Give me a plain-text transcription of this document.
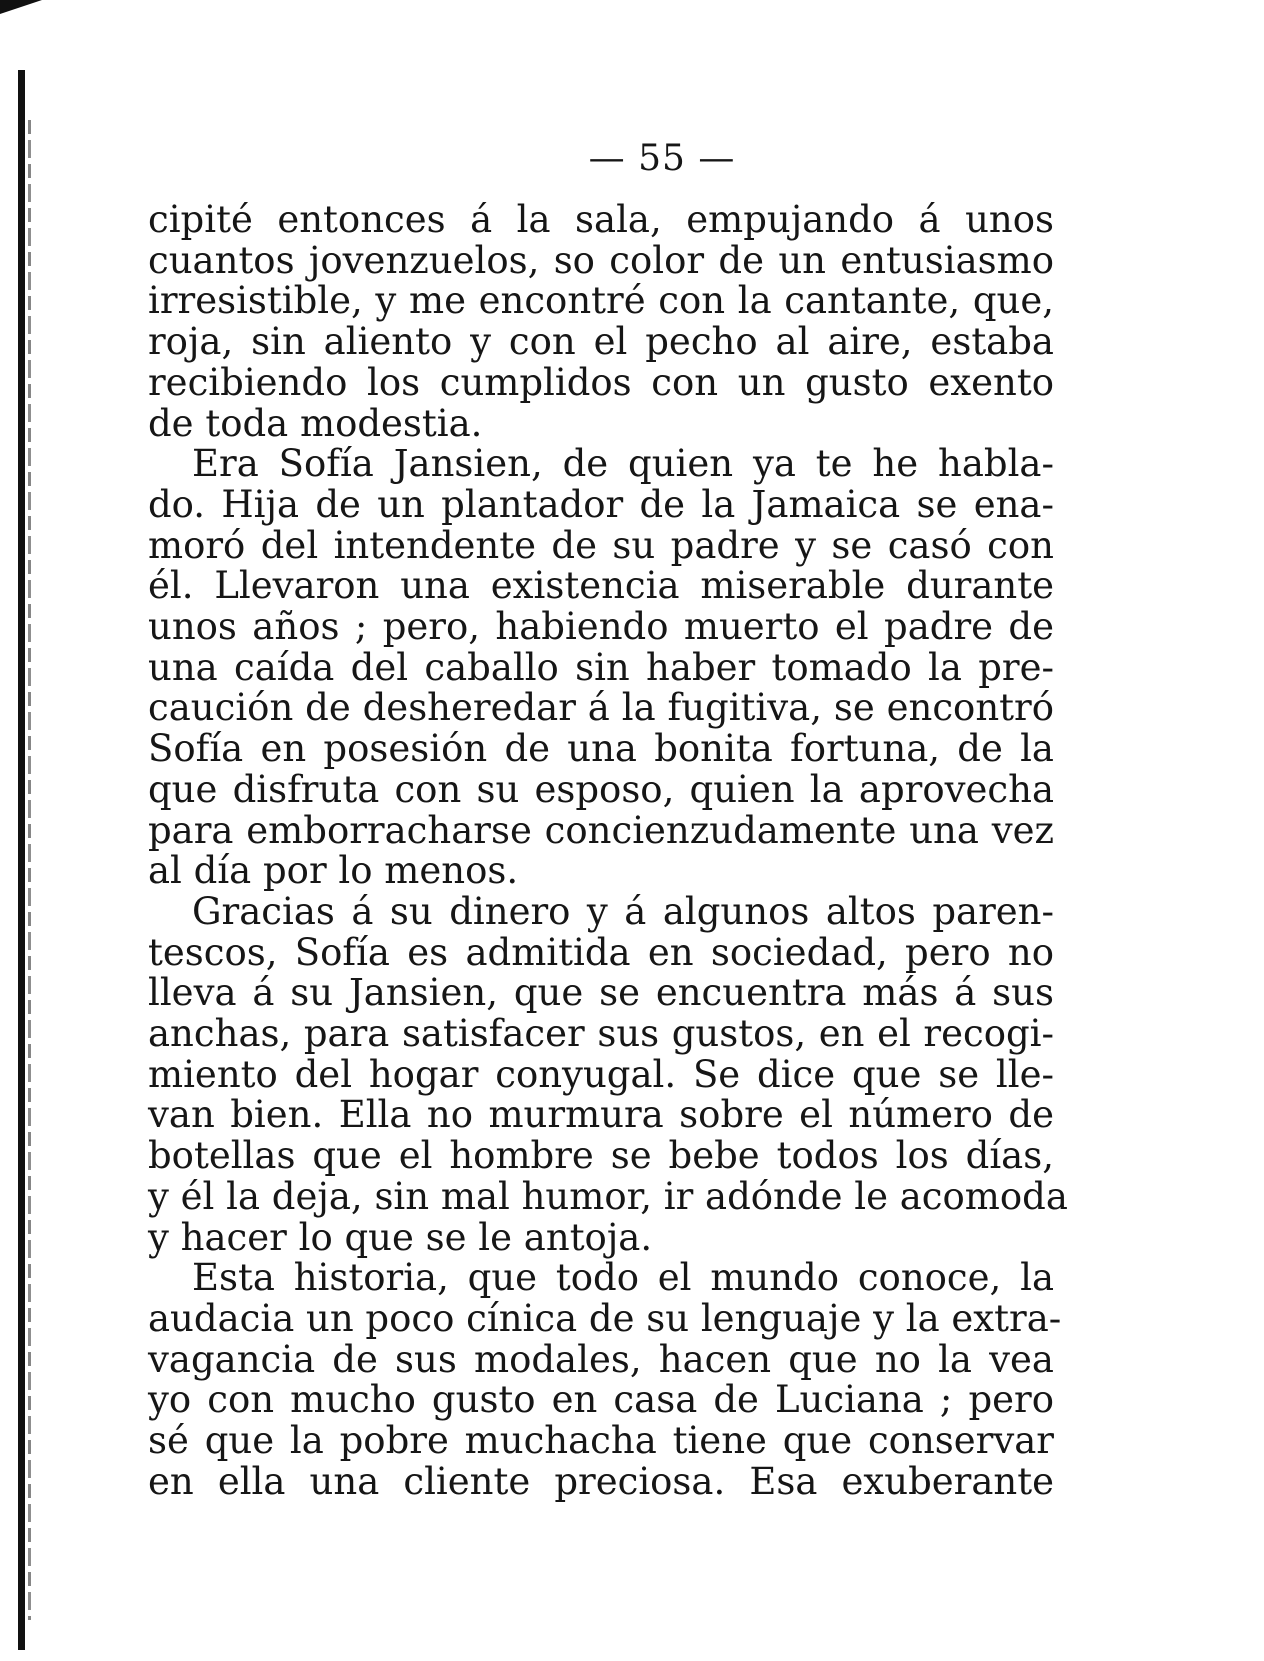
— 55 —

cipité entonces á la sala, empujando á unos
cuantos jovenzuelos, so color de un entusiasmo
irresistible, y me encontré con la cantante, que,
roja, sin aliento y con el pecho al aire, estaba
recibiendo los cumplidos con un gusto exento
de toda modestia.

Era Sofía Jansien, de quien ya te he habla-
do. Hija de un plantador de la Jamaica se ena-
moró del intendente de su padre y se casó con
él. Llevaron una existencia miserable durante
unos años ; pero, habiendo muerto el padre de
una caída del caballo sin haber tomado la pre-
caución de desheredar á la fugitiva, se encontró
Sofía en posesión de una bonita fortuna, de la
que disfruta con su esposo, quien la aprovecha
para emborracharse concienzudamente una vez
al día por lo menos.

Gracias á su dinero y á algunos altos paren-
tescos, Sofía es admitida en sociedad, pero no
lleva á su Jansien, que se encuentra más á sus
anchas, para satisfacer sus gustos, en el recogi-
miento del hogar conyugal. Se dice que se lle-
van bien. Ella no murmura sobre el número de
botellas que el hombre se bebe todos los días,
y él la deja, sin mal humor, ir adónde le acomoda
y hacer lo que se le antoja.

Esta historia, que todo el mundo conoce, la
audacia un poco cínica de su lenguaje y la extra-
vagancia de sus modales, hacen que no la vea
yo con mucho gusto en casa de Luciana ; pero
sé que la pobre muchacha tiene que conservar
en ella una cliente preciosa. Esa exuberante
